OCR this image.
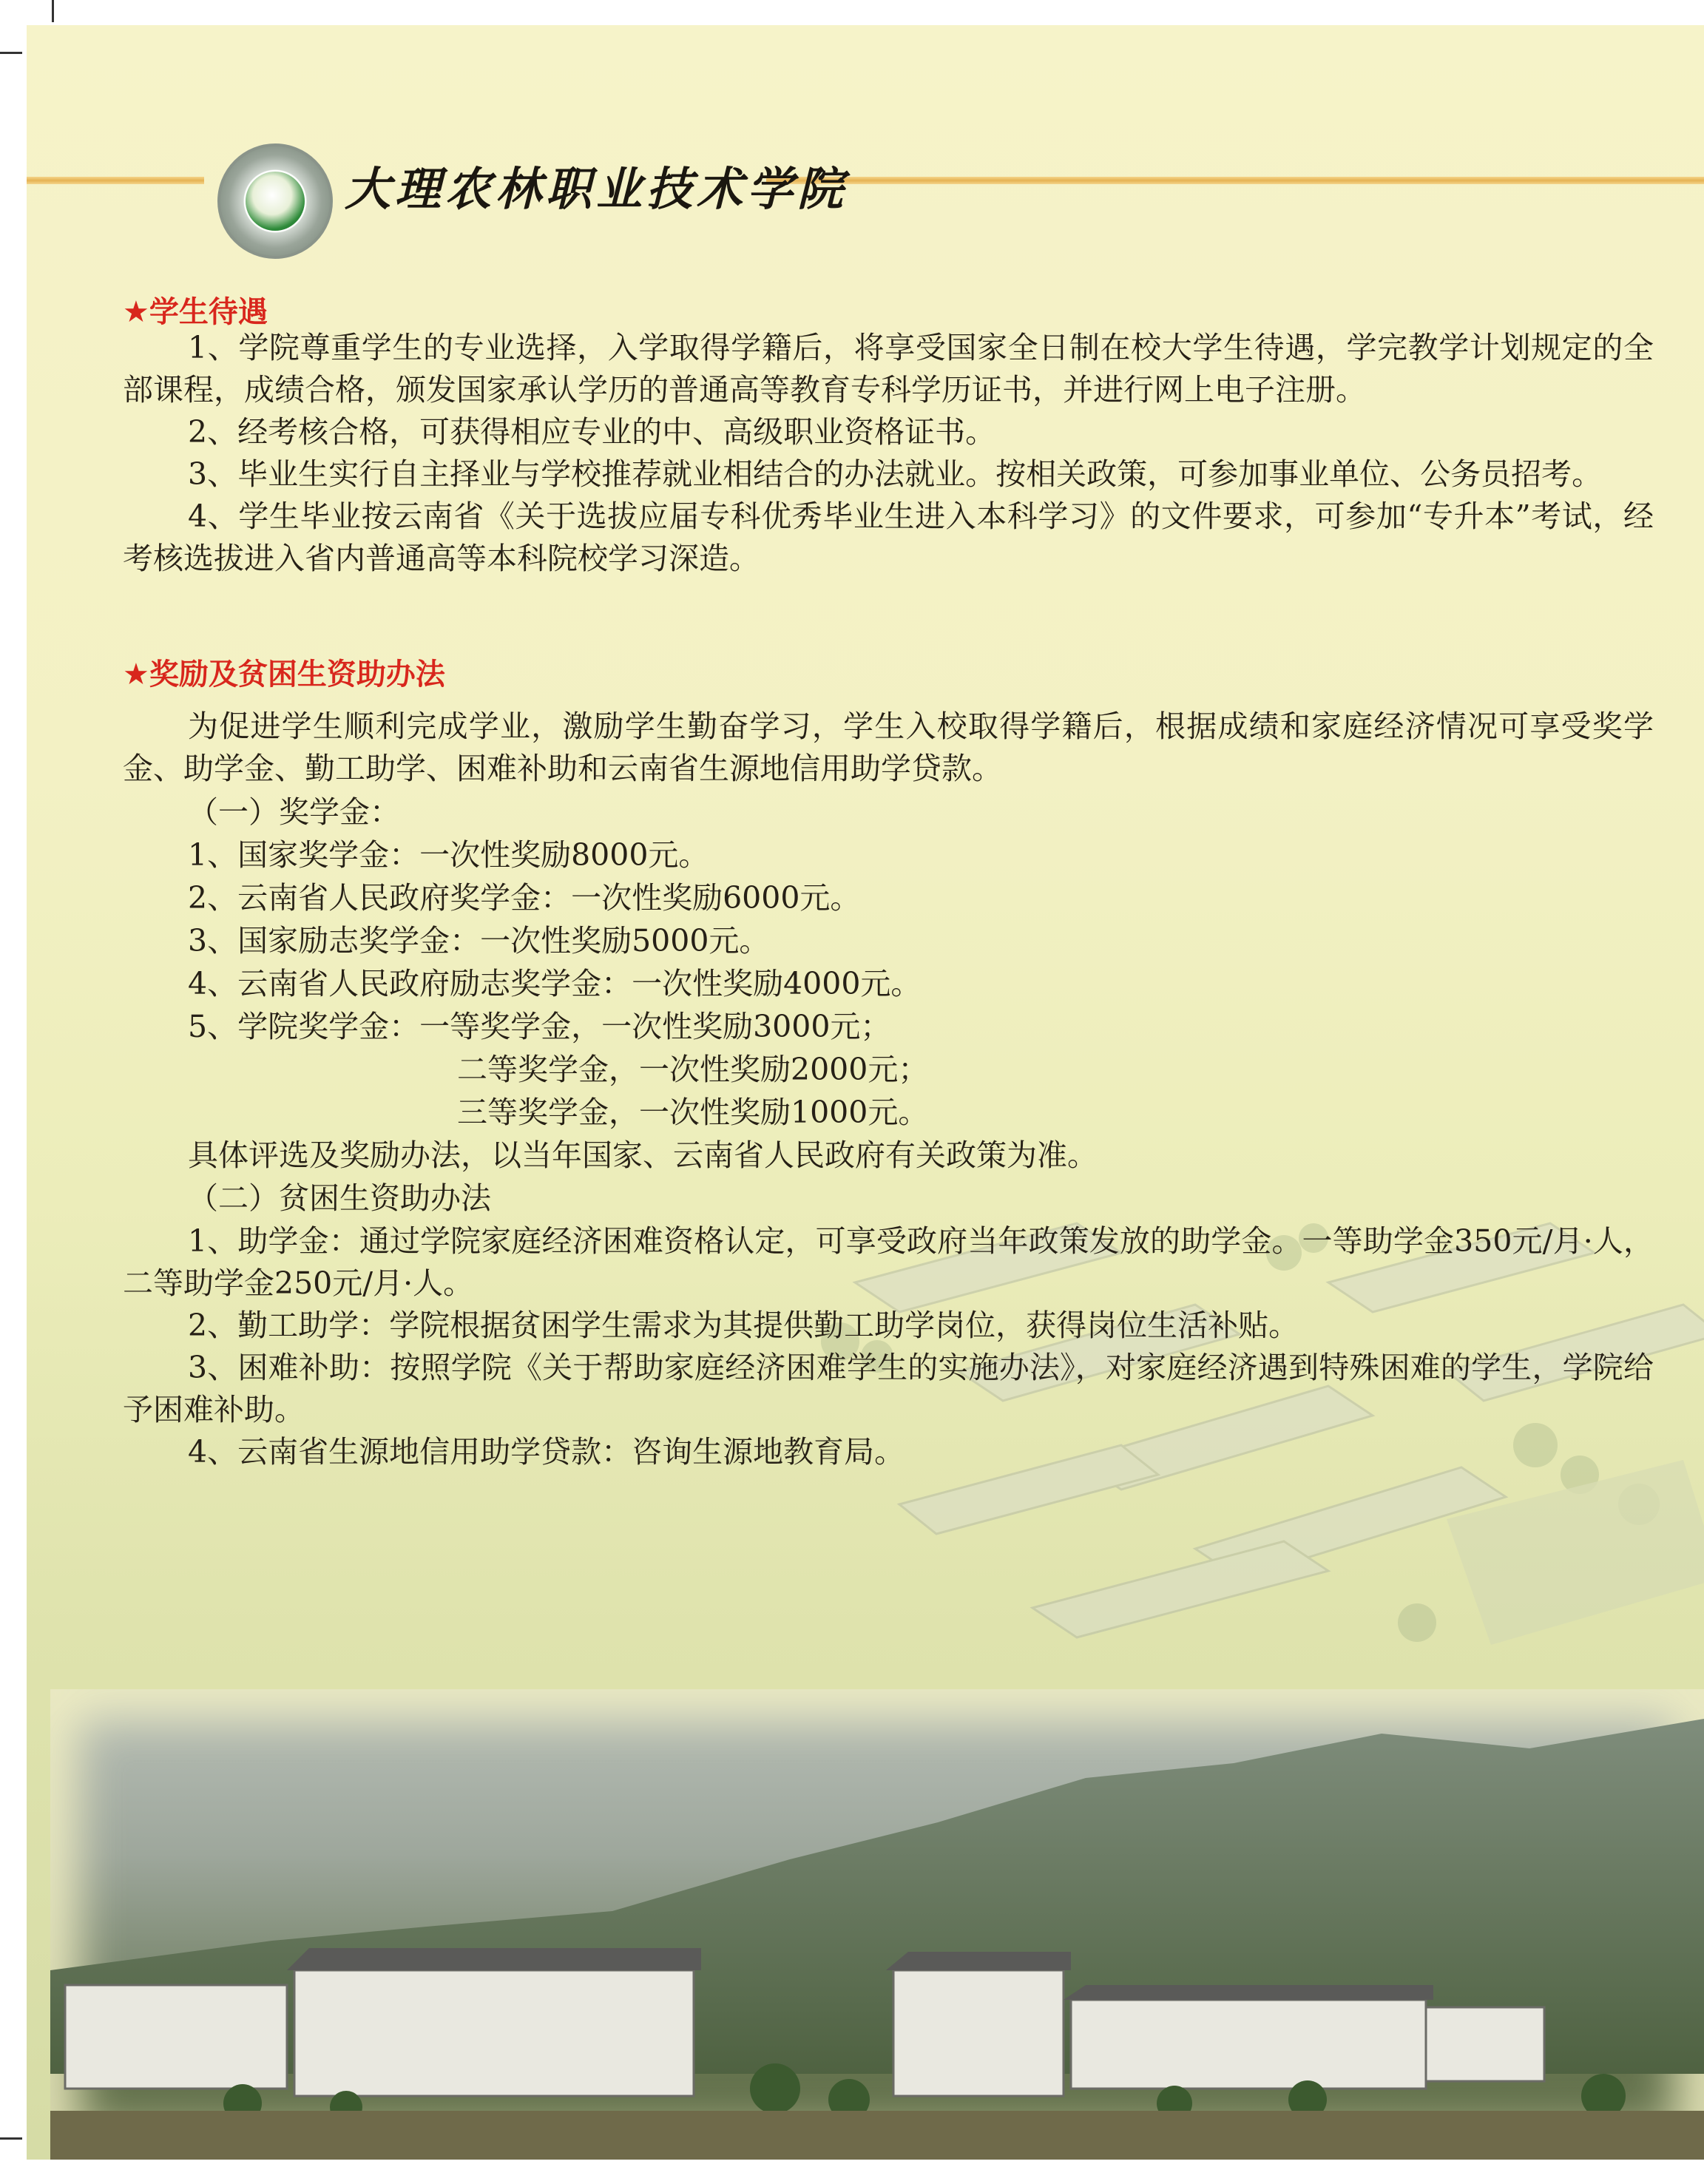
大理农林职业技术学院
★学生待遇

1、学院尊重学生的专业选择，入学取得学籍后，将享受国家全日制在校大学生待遇，学完教学计划规定的全部课程，成绩合格，颁发国家承认学历的普通高等教育专科学历证书，并进行网上电子注册。

2、经考核合格，可获得相应专业的中、高级职业资格证书。

3、毕业生实行自主择业与学校推荐就业相结合的办法就业。按相关政策，可参加事业单位、公务员招考。

4、学生毕业按云南省《关于选拔应届专科优秀毕业生进入本科学习》的文件要求，可参加“专升本”考试，经考核选拔进入省内普通高等本科院校学习深造。

★奖励及贫困生资助办法

为促进学生顺利完成学业，激励学生勤奋学习，学生入校取得学籍后，根据成绩和家庭经济情况可享受奖学金、助学金、勤工助学、困难补助和云南省生源地信用助学贷款。

（一）奖学金：
1、国家奖学金：一次性奖励8000元。
2、云南省人民政府奖学金：一次性奖励6000元。
3、国家励志奖学金：一次性奖励5000元。
4、云南省人民政府励志奖学金：一次性奖励4000元。
5、学院奖学金：一等奖学金，一次性奖励3000元；
二等奖学金，一次性奖励2000元；
三等奖学金，一次性奖励1000元。
具体评选及奖励办法，以当年国家、云南省人民政府有关政策为准。
（二）贫困生资助办法

1、助学金：通过学院家庭经济困难资格认定，可享受政府当年政策发放的助学金。一等助学金350元/月·人，二等助学金250元/月·人。

2、勤工助学：学院根据贫困学生需求为其提供勤工助学岗位，获得岗位生活补贴。

3、困难补助：按照学院《关于帮助家庭经济困难学生的实施办法》，对家庭经济遇到特殊困难的学生，学院给予困难补助。

4、云南省生源地信用助学贷款：咨询生源地教育局。
